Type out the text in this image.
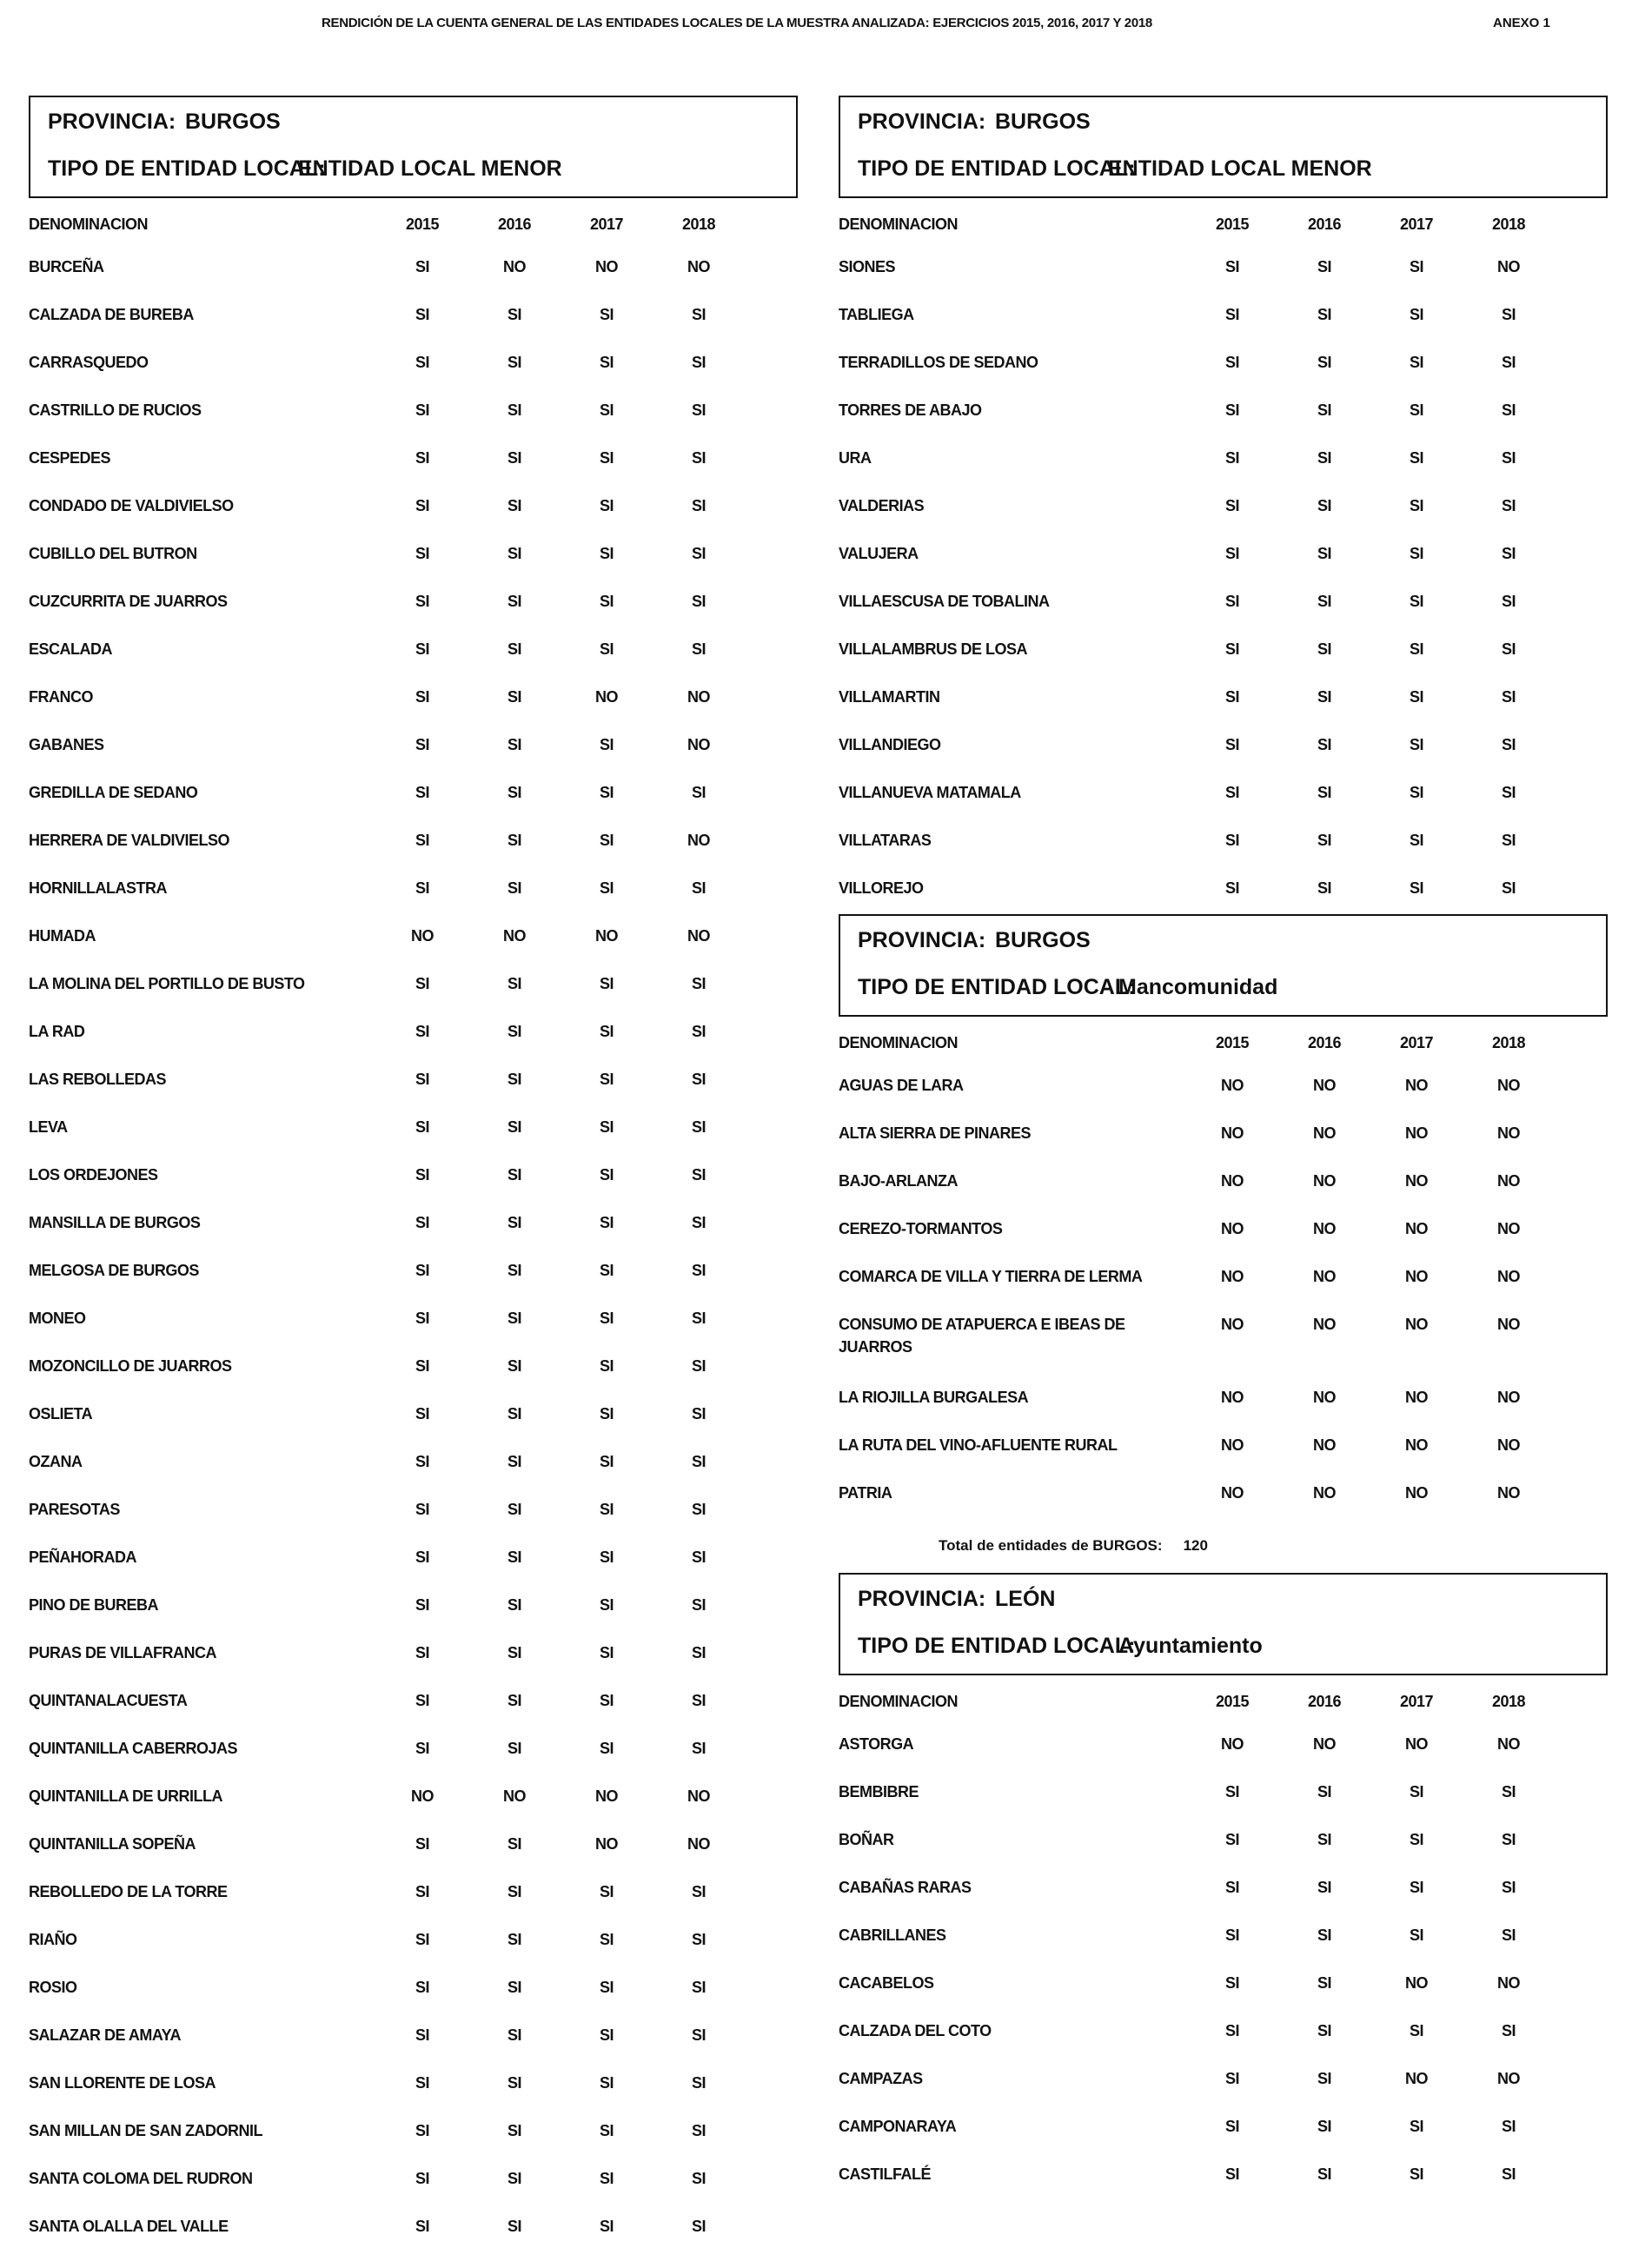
RENDICIÓN DE LA CUENTA GENERAL DE LAS ENTIDADES LOCALES DE LA MUESTRA ANALIZADA: EJERCICIOS 2015, 2016, 2017 Y 2018	ANEXO 1
PROVINCIA: BURGOS
TIPO DE ENTIDAD LOCAL:
ENTIDAD LOCAL MENOR
DENOMINACION	2015	2016	2017	2018
BURCEÑA	SI	NO	NO	NO
CALZADA DE BUREBA	SI	SI	SI	SI
CARRASQUEDO	SI	SI	SI	SI
CASTRILLO DE RUCIOS	SI	SI	SI	SI
CESPEDES	SI	SI	SI	SI
CONDADO DE VALDIVIELSO	SI	SI	SI	SI
CUBILLO DEL BUTRON	SI	SI	SI	SI
CUZCURRITA DE JUARROS	SI	SI	SI	SI
ESCALADA	SI	SI	SI	SI
FRANCO	SI	SI	NO	NO
GABANES	SI	SI	SI	NO
GREDILLA DE SEDANO	SI	SI	SI	SI
HERRERA DE VALDIVIELSO	SI	SI	SI	NO
HORNILLALASTRA	SI	SI	SI	SI
HUMADA	NO	NO	NO	NO
LA MOLINA DEL PORTILLO DE BUSTO	SI	SI	SI	SI
LA RAD	SI	SI	SI	SI
LAS REBOLLEDAS	SI	SI	SI	SI
LEVA	SI	SI	SI	SI
LOS ORDEJONES	SI	SI	SI	SI
MANSILLA DE BURGOS	SI	SI	SI	SI
MELGOSA DE BURGOS	SI	SI	SI	SI
MONEO	SI	SI	SI	SI
MOZONCILLO DE JUARROS	SI	SI	SI	SI
OSLIETA	SI	SI	SI	SI
OZANA	SI	SI	SI	SI
PARESOTAS	SI	SI	SI	SI
PEÑAHORADA	SI	SI	SI	SI
PINO DE BUREBA	SI	SI	SI	SI
PURAS DE VILLAFRANCA	SI	SI	SI	SI
QUINTANALACUESTA	SI	SI	SI	SI
QUINTANILLA CABERROJAS	SI	SI	SI	SI
QUINTANILLA DE URRILLA	NO	NO	NO	NO
QUINTANILLA SOPEÑA	SI	SI	NO	NO
REBOLLEDO DE LA TORRE	SI	SI	SI	SI
RIAÑO	SI	SI	SI	SI
ROSIO	SI	SI	SI	SI
SALAZAR DE AMAYA	SI	SI	SI	SI
SAN LLORENTE DE LOSA	SI	SI	SI	SI
SAN MILLAN DE SAN ZADORNIL	SI	SI	SI	SI
SANTA COLOMA DEL RUDRON	SI	SI	SI	SI
SANTA OLALLA DEL VALLE	SI	SI	SI	SI
PROVINCIA: BURGOS
TIPO DE ENTIDAD LOCAL:
ENTIDAD LOCAL MENOR
DENOMINACION	2015	2016	2017	2018
SIONES	SI	SI	SI	NO
TABLIEGA	SI	SI	SI	SI
TERRADILLOS DE SEDANO	SI	SI	SI	SI
TORRES DE ABAJO	SI	SI	SI	SI
URA	SI	SI	SI	SI
VALDERIAS	SI	SI	SI	SI
VALUJERA	SI	SI	SI	SI
VILLAESCUSA DE TOBALINA	SI	SI	SI	SI
VILLALAMBRUS DE LOSA	SI	SI	SI	SI
VILLAMARTIN	SI	SI	SI	SI
VILLANDIEGO	SI	SI	SI	SI
VILLANUEVA MATAMALA	SI	SI	SI	SI
VILLATARAS	SI	SI	SI	SI
VILLOREJO	SI	SI	SI	SI
PROVINCIA: BURGOS
TIPO DE ENTIDAD LOCAL:
Mancomunidad
DENOMINACION	2015	2016	2017	2018
AGUAS DE LARA	NO	NO	NO	NO
ALTA SIERRA DE PINARES	NO	NO	NO	NO
BAJO-ARLANZA	NO	NO	NO	NO
CEREZO-TORMANTOS	NO	NO	NO	NO
COMARCA DE VILLA Y TIERRA DE LERMA	NO	NO	NO	NO
CONSUMO DE ATAPUERCA E IBEAS DE JUARROS
NO	NO	NO	NO
LA RIOJILLA BURGALESA	NO	NO	NO	NO
LA RUTA DEL VINO-AFLUENTE RURAL	NO	NO	NO	NO
PATRIA	NO	NO	NO	NO
Total de entidades de BURGOS: 120
PROVINCIA: LEÓN
TIPO DE ENTIDAD LOCAL:
Ayuntamiento
DENOMINACION	2015	2016	2017	2018
ASTORGA	NO	NO	NO	NO
BEMBIBRE	SI	SI	SI	SI
BOÑAR	SI	SI	SI	SI
CABAÑAS RARAS	SI	SI	SI	SI
CABRILLANES	SI	SI	SI	SI
CACABELOS	SI	SI	NO	NO
CALZADA DEL COTO	SI	SI	SI	SI
CAMPAZAS	SI	SI	NO	NO
CAMPONARAYA	SI	SI	SI	SI
CASTILFALÉ	SI	SI	SI	SI
